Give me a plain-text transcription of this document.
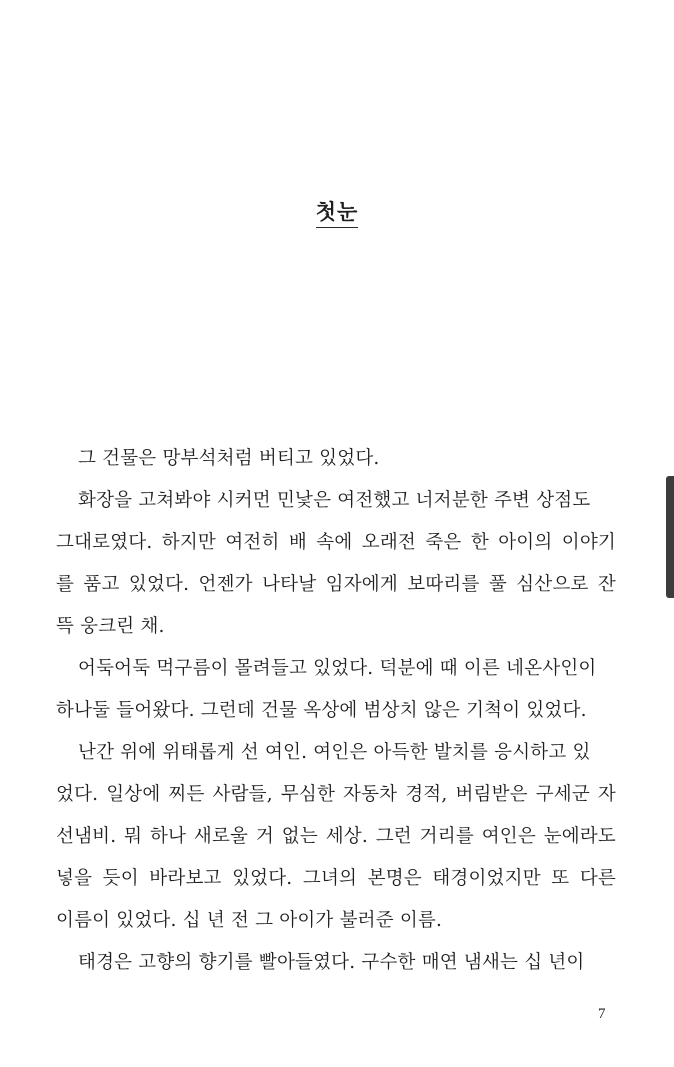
첫눈
그 건물은 망부석처럼 버티고 있었다.
화장을 고쳐봐야 시커먼 민낯은 여전했고 너저분한 주변 상점도
그대로였다. 하지만 여전히 배 속에 오래전 죽은 한 아이의 이야기
를 품고 있었다. 언젠가 나타날 임자에게 보따리를 풀 심산으로 잔
뜩 웅크린 채.
어둑어둑 먹구름이 몰려들고 있었다. 덕분에 때 이른 네온사인이
하나둘 들어왔다. 그런데 건물 옥상에 범상치 않은 기척이 있었다.
난간 위에 위태롭게 선 여인. 여인은 아득한 발치를 응시하고 있
었다. 일상에 찌든 사람들, 무심한 자동차 경적, 버림받은 구세군 자
선냄비. 뭐 하나 새로울 거 없는 세상. 그런 거리를 여인은 눈에라도
넣을 듯이 바라보고 있었다. 그녀의 본명은 태경이었지만 또 다른
이름이 있었다. 십 년 전 그 아이가 불러준 이름.
태경은 고향의 향기를 빨아들였다. 구수한 매연 냄새는 십 년이
7
